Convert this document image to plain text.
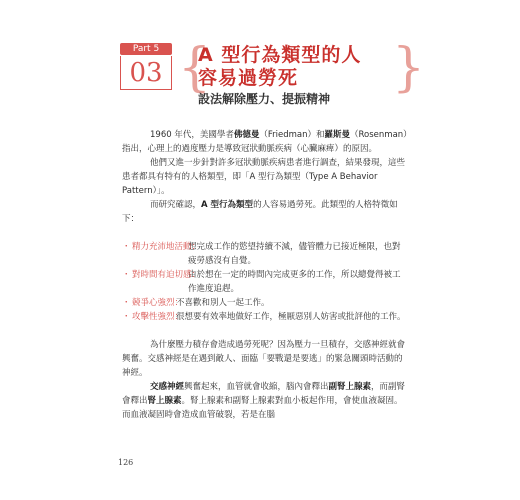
Part 5
03 {
A 型行為類型的人
容易過勞死 }
設法解除壓力、提振精神

1960 年代，美國學者佛德曼（Friedman）和羅斯曼（Rosenman）指出，心理上的過度壓力是導致冠狀動脈疾病（心臟麻痺）的原因。

他們又進一步針對許多冠狀動脈疾病患者進行調查，結果發現，這些患者都具有特有的人格類型，即「A 型行為類型（Type A Behavior Pattern）」。

而研究確認，A 型行為類型的人容易過勞死。此類型的人格特徵如下：

・ 精力充沛地活動：
想完成工作的慾望持續不減，儘管體力已接近極限，也對疲勞感沒有自覺。
・ 對時間有迫切感：
由於想在一定的時間內完成更多的工作，所以總覺得被工作進度追趕。
・ 競爭心強烈：
不喜歡和別人一起工作。
・ 攻擊性強烈：
很想要有效率地做好工作，極厭惡別人妨害或批評他的工作。

為什麼壓力積存會造成過勞死呢？因為壓力一旦積存，交感神經就會興奮。交感神經是在遇到敵人、面臨「要戰還是要逃」的緊急關頭時活動的神經。

交感神經興奮起來，血管就會收縮，腦內會釋出副腎上腺素，而副腎會釋出腎上腺素。腎上腺素和副腎上腺素對血小板起作用，會使血液凝固。而血液凝固時會造成血管破裂，若是在腦

126
